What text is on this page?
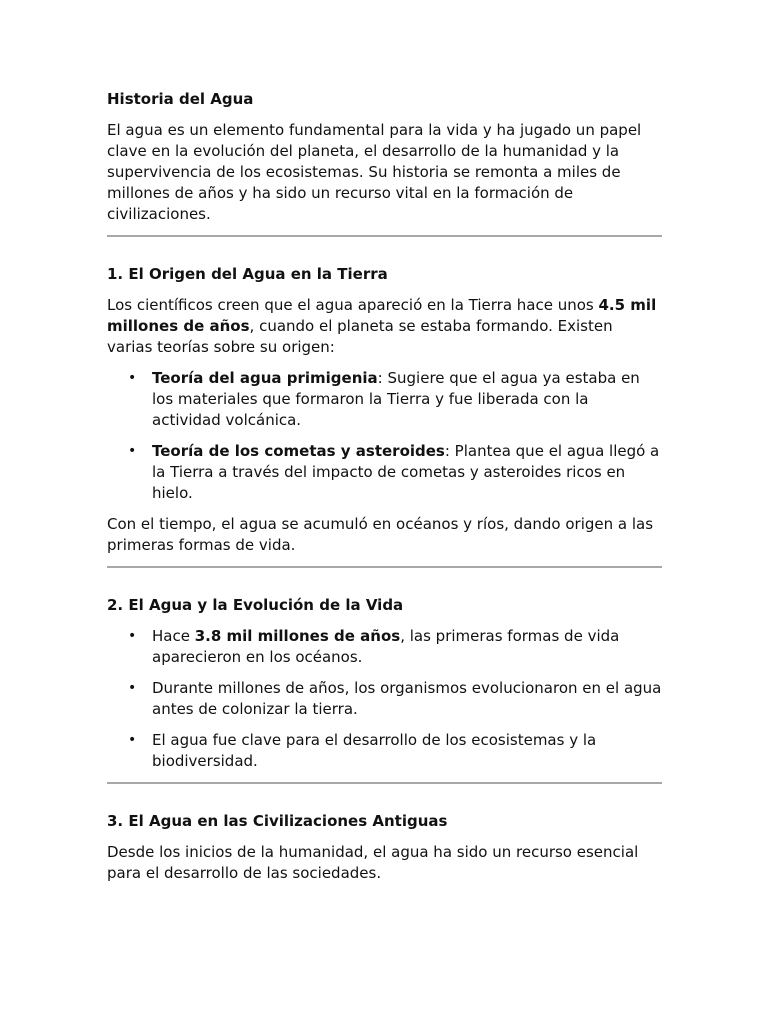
Historia del Agua

El agua es un elemento fundamental para la vida y ha jugado un papel clave en la evolución del planeta, el desarrollo de la humanidad y la supervivencia de los ecosistemas. Su historia se remonta a miles de millones de años y ha sido un recurso vital en la formación de civilizaciones.

1. El Origen del Agua en la Tierra

Los científicos creen que el agua apareció en la Tierra hace unos 4.5 mil millones de años, cuando el planeta se estaba formando. Existen varias teorías sobre su origen:

• Teoría del agua primigenia: Sugiere que el agua ya estaba en los materiales que formaron la Tierra y fue liberada con la actividad volcánica.
• Teoría de los cometas y asteroides: Plantea que el agua llegó a la Tierra a través del impacto de cometas y asteroides ricos en hielo.

Con el tiempo, el agua se acumuló en océanos y ríos, dando origen a las primeras formas de vida.

2. El Agua y la Evolución de la Vida
• Hace 3.8 mil millones de años, las primeras formas de vida aparecieron en los océanos.
• Durante millones de años, los organismos evolucionaron en el agua antes de colonizar la tierra.
• El agua fue clave para el desarrollo de los ecosistemas y la biodiversidad.
3. El Agua en las Civilizaciones Antiguas

Desde los inicios de la humanidad, el agua ha sido un recurso esencial para el desarrollo de las sociedades.
